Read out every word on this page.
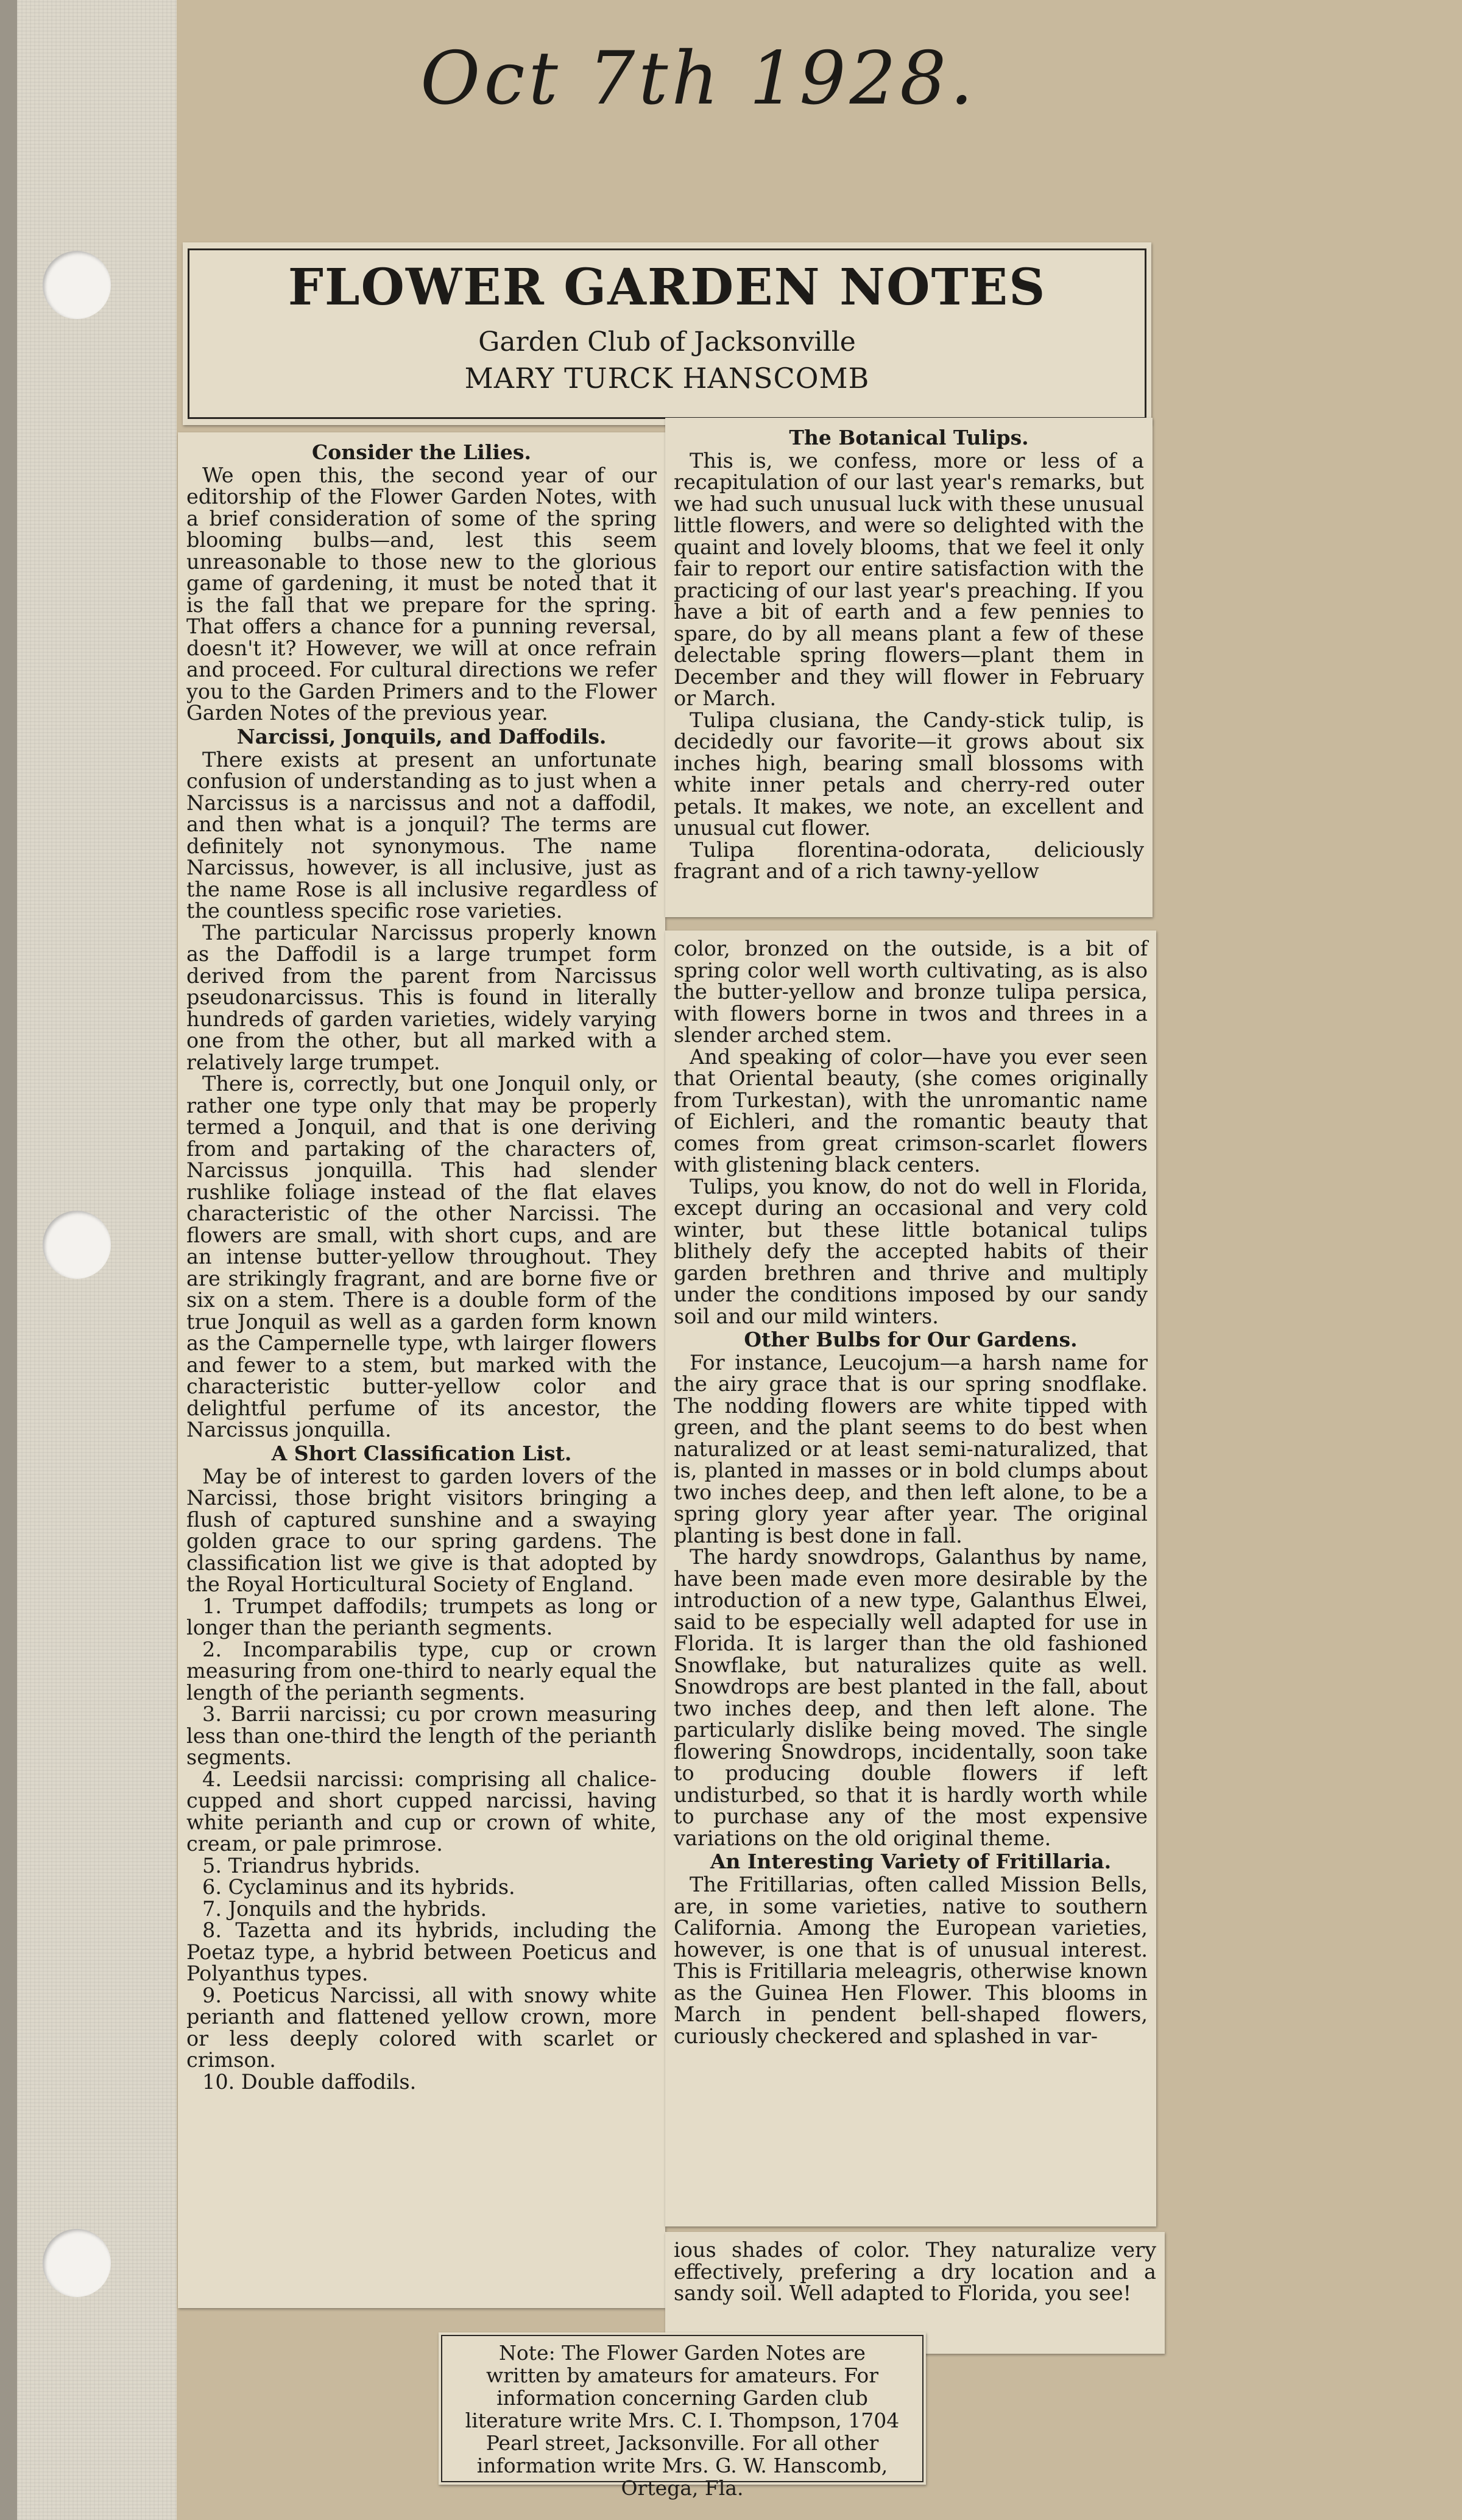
Oct 7th 1928.
FLOWER GARDEN NOTES
Garden Club of Jacksonville
MARY TURCK HANSCOMB
Consider the Lilies.

We open this, the second year of our editorship of the Flower Garden Notes, with a brief consideration of some of the spring blooming bulbs—and, lest this seem unreasonable to those new to the glorious game of gardening, it must be noted that it is the fall that we prepare for the spring. That offers a chance for a punning reversal, doesn't it? However, we will at once refrain and proceed. For cultural directions we refer you to the Garden Primers and to the Flower Garden Notes of the previous year.

Narcissi, Jonquils, and Daffodils.

There exists at present an unfortunate confusion of understanding as to just when a Narcissus is a narcissus and not a daffodil, and then what is a jonquil? The terms are definitely not synonymous. The name Narcissus, however, is all inclusive, just as the name Rose is all inclusive regardless of the countless specific rose varieties.

The particular Narcissus properly known as the Daffodil is a large trumpet form derived from the parent from Narcissus pseudonarcissus. This is found in literally hundreds of garden varieties, widely varying one from the other, but all marked with a relatively large trumpet.

There is, correctly, but one Jonquil only, or rather one type only that may be properly termed a Jonquil, and that is one deriving from and partaking of the characters of, Narcissus jonquilla. This had slender rushlike foliage instead of the flat elaves characteristic of the other Narcissi. The flowers are small, with short cups, and are an intense butter-yellow throughout. They are strikingly fragrant, and are borne five or six on a stem. There is a double form of the true Jonquil as well as a garden form known as the Campernelle type, wth lairger flowers and fewer to a stem, but marked with the characteristic butter-yellow color and delightful perfume of its ancestor, the Narcissus jonquilla.

A Short Classification List.

May be of interest to garden lovers of the Narcissi, those bright visitors bringing a flush of captured sunshine and a swaying golden grace to our spring gardens. The classification list we give is that adopted by the Royal Horticultural Society of England.

1. Trumpet daffodils; trumpets as long or longer than the perianth segments.

2. Incomparabilis type, cup or crown measuring from one-third to nearly equal the length of the perianth segments.

3. Barrii narcissi; cu por crown measuring less than one-third the length of the perianth segments.

4. Leedsii narcissi: comprising all chalice-cupped and short cupped narcissi, having white perianth and cup or crown of white, cream, or pale primrose.

5. Triandrus hybrids.

6. Cyclaminus and its hybrids.

7. Jonquils and the hybrids.

8. Tazetta and its hybrids, including the Poetaz type, a hybrid between Poeticus and Polyanthus types.

9. Poeticus Narcissi, all with snowy white perianth and flattened yellow crown, more or less deeply colored with scarlet or crimson.

10. Double daffodils.

The Botanical Tulips.

This is, we confess, more or less of a recapitulation of our last year's remarks, but we had such unusual luck with these unusual little flowers, and were so delighted with the quaint and lovely blooms, that we feel it only fair to report our entire satisfaction with the practicing of our last year's preaching. If you have a bit of earth and a few pennies to spare, do by all means plant a few of these delectable spring flowers—plant them in December and they will flower in February or March.

Tulipa clusiana, the Candy-stick tulip, is decidedly our favorite—it grows about six inches high, bearing small blossoms with white inner petals and cherry-red outer petals. It makes, we note, an excellent and unusual cut flower.

Tulipa florentina-odorata, deliciously fragrant and of a rich tawny-yellow

color, bronzed on the outside, is a bit of spring color well worth cultivating, as is also the butter-yellow and bronze tulipa persica, with flowers borne in twos and threes in a slender arched stem.

And speaking of color—have you ever seen that Oriental beauty, (she comes originally from Turkestan), with the unromantic name of Eichleri, and the romantic beauty that comes from great crimson-scarlet flowers with glistening black centers.

Tulips, you know, do not do well in Florida, except during an occasional and very cold winter, but these little botanical tulips blithely defy the accepted habits of their garden brethren and thrive and multiply under the conditions imposed by our sandy soil and our mild winters.

Other Bulbs for Our Gardens.

For instance, Leucojum—a harsh name for the airy grace that is our spring snodflake. The nodding flowers are white tipped with green, and the plant seems to do best when naturalized or at least semi-naturalized, that is, planted in masses or in bold clumps about two inches deep, and then left alone, to be a spring glory year after year. The original planting is best done in fall.

The hardy snowdrops, Galanthus by name, have been made even more desirable by the introduction of a new type, Galanthus Elwei, said to be especially well adapted for use in Florida. It is larger than the old fashioned Snowflake, but naturalizes quite as well. Snowdrops are best planted in the fall, about two inches deep, and then left alone. The particularly dislike being moved. The single flowering Snowdrops, incidentally, soon take to producing double flowers if left undisturbed, so that it is hardly worth while to purchase any of the most expensive variations on the old original theme.

An Interesting Variety of Fritillaria.

The Fritillarias, often called Mission Bells, are, in some varieties, native to southern California. Among the European varieties, however, is one that is of unusual interest. This is Fritillaria meleagris, otherwise known as the Guinea Hen Flower. This blooms in March in pendent bell-shaped flowers, curiously checkered and splashed in var-

ious shades of color. They naturalize very effectively, prefering a dry location and a sandy soil. Well adapted to Florida, you see!

Note: The Flower Garden Notes are written by amateurs for amateurs. For information concerning Garden club literature write Mrs. C. I. Thompson, 1704 Pearl street, Jacksonville. For all other information write Mrs. G. W. Hanscomb, Ortega, Fla.
